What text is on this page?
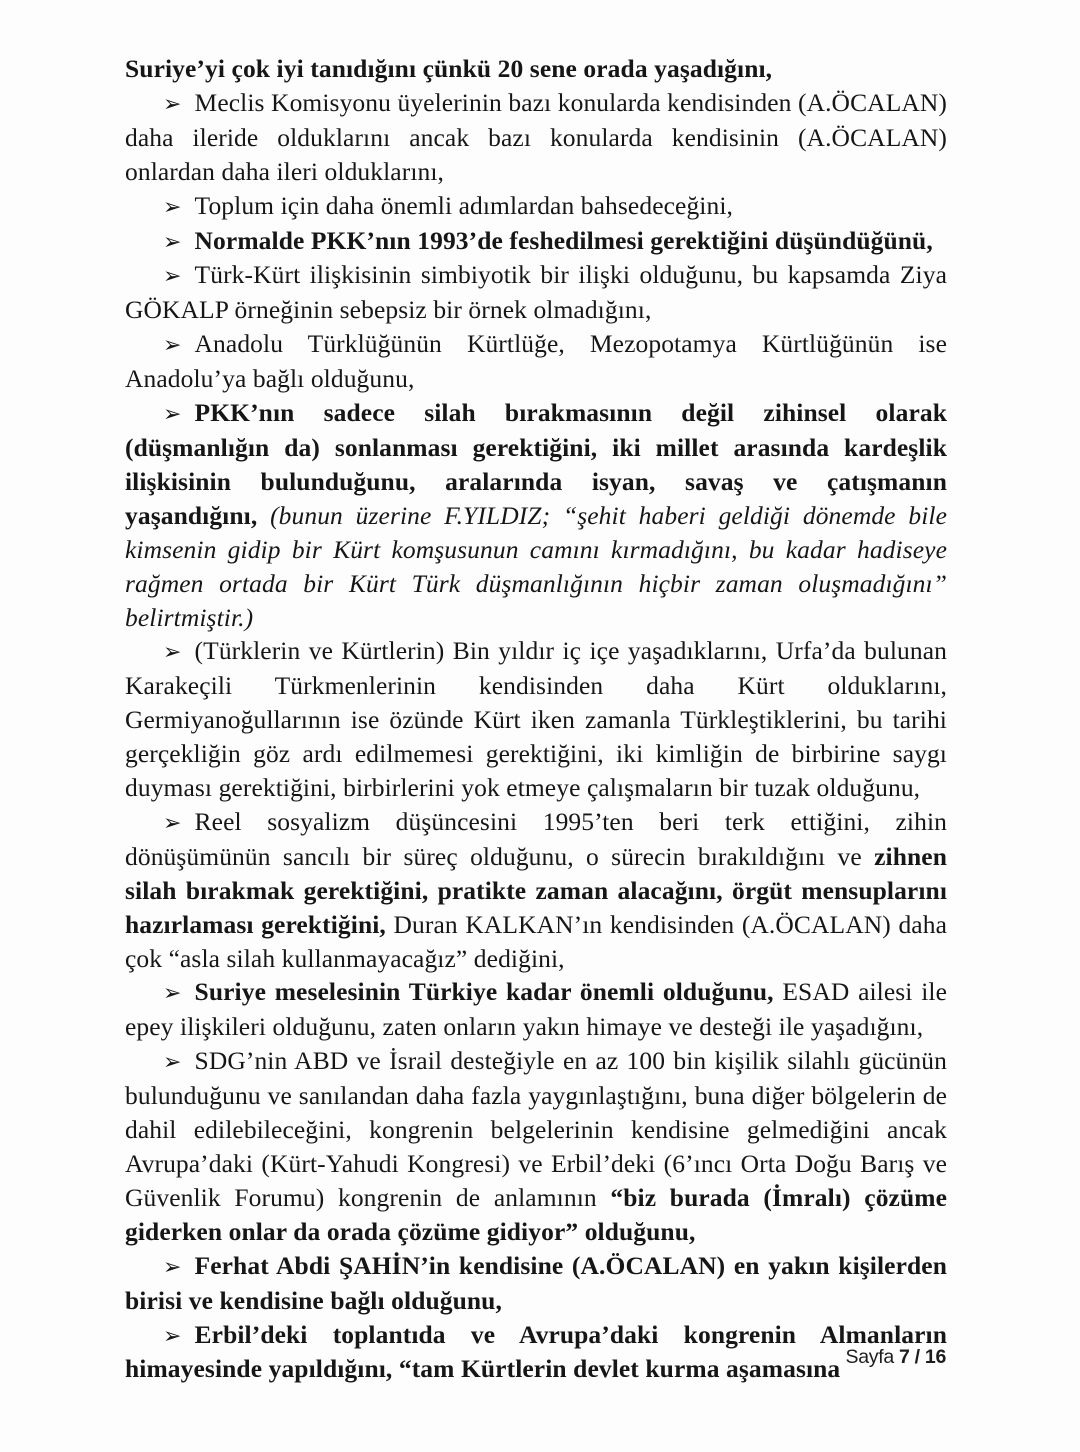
Suriye’yi çok iyi tanıdığını çünkü 20 sene orada yaşadığını,

➢ Meclis Komisyonu üyelerinin bazı konularda kendisinden (A.ÖCALAN) daha ileride olduklarını ancak bazı konularda kendisinin (A.ÖCALAN) onlardan daha ileri olduklarını,

➢ Toplum için daha önemli adımlardan bahsedeceğini,

➢ Normalde PKK’nın 1993’de feshedilmesi gerektiğini düşündüğünü,

➢ Türk-Kürt ilişkisinin simbiyotik bir ilişki olduğunu, bu kapsamda Ziya GÖKALP örneğinin sebepsiz bir örnek olmadığını,

➢ Anadolu Türklüğünün Kürtlüğe, Mezopotamya Kürtlüğünün ise Anadolu’ya bağlı olduğunu,

➢ PKK’nın sadece silah bırakmasının değil zihinsel olarak (düşmanlığın da) sonlanması gerektiğini, iki millet arasında kardeşlik ilişkisinin bulunduğunu, aralarında isyan, savaş ve çatışmanın yaşandığını, (bunun üzerine F.YILDIZ; “şehit haberi geldiği dönemde bile kimsenin gidip bir Kürt komşusunun camını kırmadığını, bu kadar hadiseye rağmen ortada bir Kürt Türk düşmanlığının hiçbir zaman oluşmadığını” belirtmiştir.)

➢ (Türklerin ve Kürtlerin) Bin yıldır iç içe yaşadıklarını, Urfa’da bulunan Karakeçili Türkmenlerinin kendisinden daha Kürt olduklarını, Germiyanoğullarının ise özünde Kürt iken zamanla Türkleştiklerini, bu tarihi gerçekliğin göz ardı edilmemesi gerektiğini, iki kimliğin de birbirine saygı duyması gerektiğini, birbirlerini yok etmeye çalışmaların bir tuzak olduğunu,

➢ Reel sosyalizm düşüncesini 1995’ten beri terk ettiğini, zihin dönüşümünün sancılı bir süreç olduğunu, o sürecin bırakıldığını ve zihnen silah bırakmak gerektiğini, pratikte zaman alacağını, örgüt mensuplarını hazırlaması gerektiğini, Duran KALKAN’ın kendisinden (A.ÖCALAN) daha çok “asla silah kullanmayacağız” dediğini,

➢ Suriye meselesinin Türkiye kadar önemli olduğunu, ESAD ailesi ile epey ilişkileri olduğunu, zaten onların yakın himaye ve desteği ile yaşadığını,

➢ SDG’nin ABD ve İsrail desteğiyle en az 100 bin kişilik silahlı gücünün bulunduğunu ve sanılandan daha fazla yaygınlaştığını, buna diğer bölgelerin de dahil edilebileceğini, kongrenin belgelerinin kendisine gelmediğini ancak Avrupa’daki (Kürt-Yahudi Kongresi) ve Erbil’deki (6’ıncı Orta Doğu Barış ve Güvenlik Forumu) kongrenin de anlamının “biz burada (İmralı) çözüme giderken onlar da orada çözüme gidiyor” olduğunu,

➢ Ferhat Abdi ŞAHİN’in kendisine (A.ÖCALAN) en yakın kişilerden birisi ve kendisine bağlı olduğunu,

➢ Erbil’deki toplantıda ve Avrupa’daki kongrenin Almanların himayesinde yapıldığını, “tam Kürtlerin devlet kurma aşamasına Sayfa 7 / 16
